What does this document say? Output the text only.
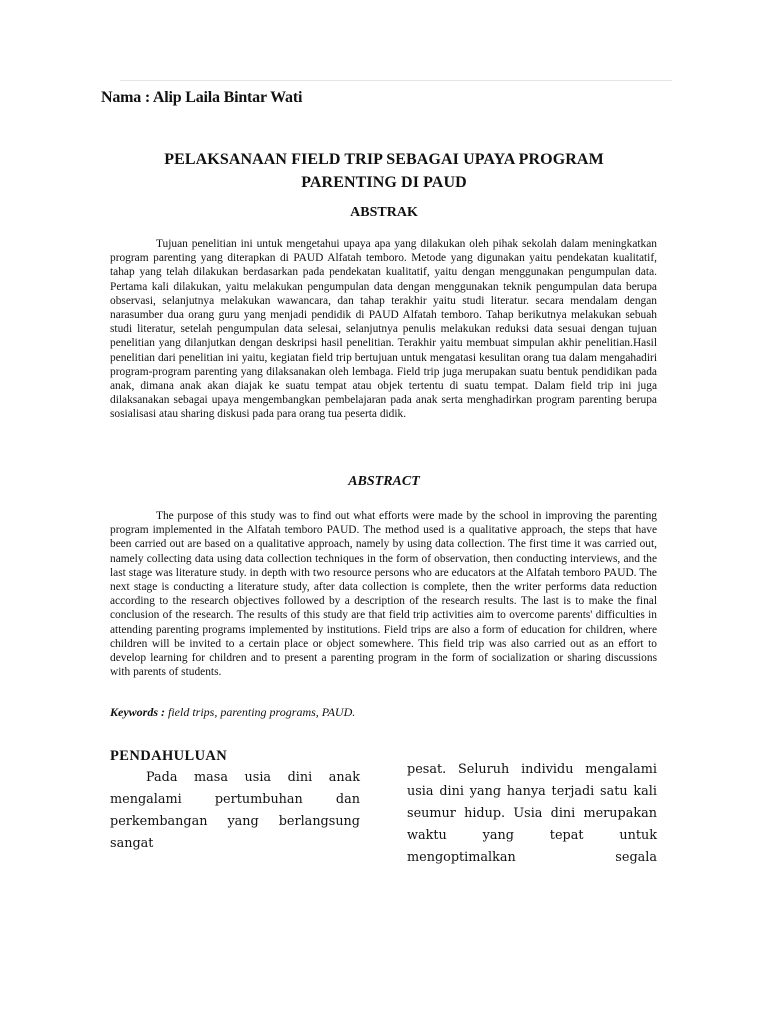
Nama : Alip Laila Bintar Wati
PELAKSANAAN FIELD TRIP SEBAGAI UPAYA PROGRAM
PARENTING DI PAUD
ABSTRAK
Tujuan penelitian ini untuk mengetahui upaya apa yang dilakukan oleh pihak sekolah dalam meningkatkan program parenting yang diterapkan di PAUD Alfatah temboro. Metode yang digunakan yaitu pendekatan kualitatif, tahap yang telah dilakukan berdasarkan pada pendekatan kualitatif, yaitu dengan menggunakan pengumpulan data. Pertama kali dilakukan, yaitu melakukan pengumpulan data dengan menggunakan teknik pengumpulan data berupa observasi, selanjutnya melakukan wawancara, dan tahap terakhir yaitu studi literatur. secara mendalam dengan narasumber dua orang guru yang menjadi pendidik di PAUD Alfatah temboro. Tahap berikutnya melakukan sebuah studi literatur, setelah pengumpulan data selesai, selanjutnya penulis melakukan reduksi data sesuai dengan tujuan penelitian yang dilanjutkan dengan deskripsi hasil penelitian. Terakhir yaitu membuat simpulan akhir penelitian.Hasil penelitian dari penelitian ini yaitu, kegiatan field trip bertujuan untuk mengatasi kesulitan orang tua dalam mengahadiri program-program parenting yang dilaksanakan oleh lembaga. Field trip juga merupakan suatu bentuk pendidikan pada anak, dimana anak akan diajak ke suatu tempat atau objek tertentu di suatu tempat. Dalam field trip ini juga dilaksanakan sebagai upaya mengembangkan pembelajaran pada anak serta menghadirkan program parenting berupa sosialisasi atau sharing diskusi pada para orang tua peserta didik.
ABSTRACT
The purpose of this study was to find out what efforts were made by the school in improving the parenting program implemented in the Alfatah temboro PAUD. The method used is a qualitative approach, the steps that have been carried out are based on a qualitative approach, namely by using data collection. The first time it was carried out, namely collecting data using data collection techniques in the form of observation, then conducting interviews, and the last stage was literature study. in depth with two resource persons who are educators at the Alfatah temboro PAUD. The next stage is conducting a literature study, after data collection is complete, then the writer performs data reduction according to the research objectives followed by a description of the research results. The last is to make the final conclusion of the research. The results of this study are that field trip activities aim to overcome parents' difficulties in attending parenting programs implemented by institutions. Field trips are also a form of education for children, where children will be invited to a certain place or object somewhere. This field trip was also carried out as an effort to develop learning for children and to present a parenting program in the form of socialization or sharing discussions with parents of students.
Keywords : field trips, parenting programs, PAUD.
PENDAHULUAN
Pada masa usia dini anak mengalami pertumbuhan dan perkembangan yang berlangsung sangat
pesat. Seluruh individu mengalami usia dini yang hanya terjadi satu kali seumur hidup. Usia dini merupakan waktu yang tepat untuk mengoptimalkan segala
